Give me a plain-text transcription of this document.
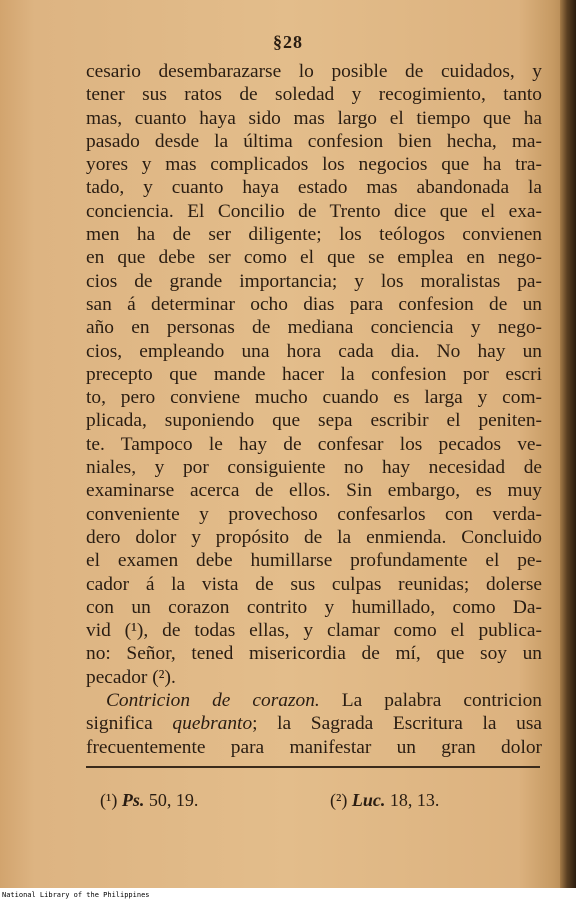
§28
cesario desembarazarse lo posible de cuidados, y
tener sus ratos de soledad y recogimiento, tanto
mas, cuanto haya sido mas largo el tiempo que ha
pasado desde la última confesion bien hecha, ma-
yores y mas complicados los negocios que ha tra-
tado, y cuanto haya estado mas abandonada la
conciencia. El Concilio de Trento dice que el exa-
men ha de ser diligente; los teólogos convienen
en que debe ser como el que se emplea en nego-
cios de grande importancia; y los moralistas pa-
san á determinar ocho dias para confesion de un
año en personas de mediana conciencia y nego-
cios, empleando una hora cada dia. No hay un
precepto que mande hacer la confesion por escri
to, pero conviene mucho cuando es larga y com-
plicada, suponiendo que sepa escribir el peniten-
te. Tampoco le hay de confesar los pecados ve-
niales, y por consiguiente no hay necesidad de
examinarse acerca de ellos. Sin embargo, es muy
conveniente y provechoso confesarlos con verda-
dero dolor y propósito de la enmienda. Concluido
el examen debe humillarse profundamente el pe-
cador á la vista de sus culpas reunidas; dolerse
con un corazon contrito y humillado, como Da-
vid (¹), de todas ellas, y clamar como el publica-
no: Señor, tened misericordia de mí, que soy un
pecador (²).
Contricion de corazon. La palabra contricion
significa quebranto; la Sagrada Escritura la usa
frecuentemente para manifestar un gran dolor
(¹) Ps. 50, 19.	(²) Luc. 18, 13.
National Library of the Philippines
